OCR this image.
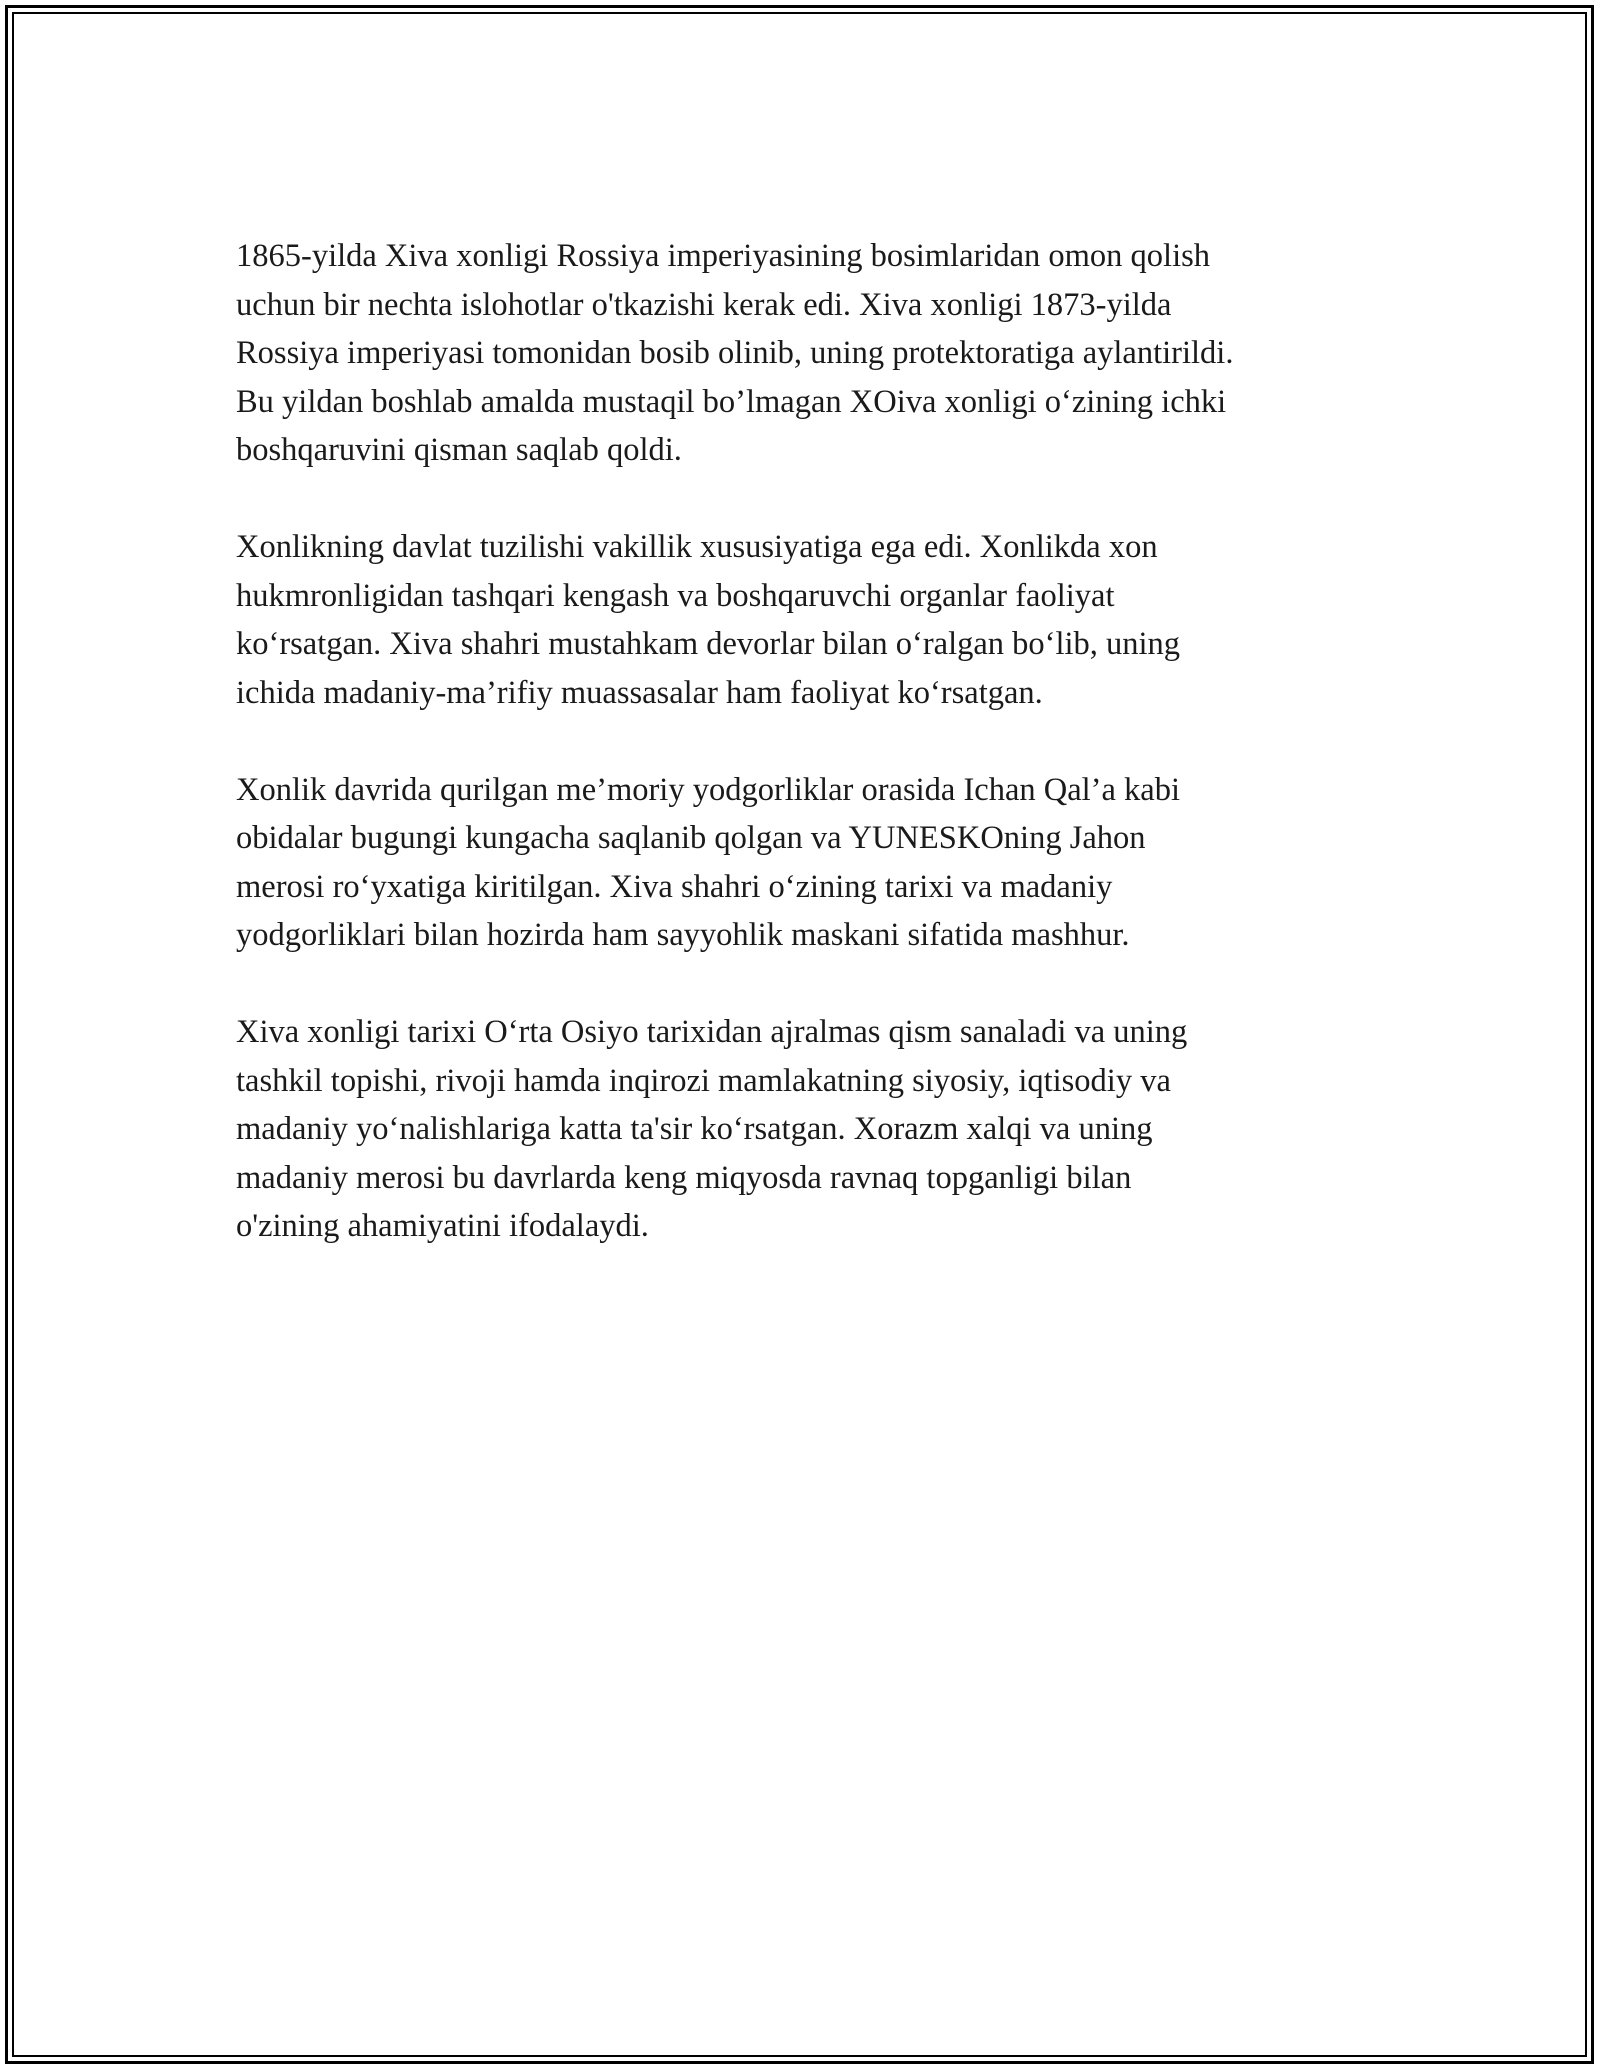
1865-yilda Xiva xonligi Rossiya imperiyasining bosimlaridan omon qolish
uchun bir nechta islohotlar o'tkazishi kerak edi. Xiva xonligi 1873-yilda
Rossiya imperiyasi tomonidan bosib olinib, uning protektoratiga aylantirildi.
Bu yildan boshlab amalda mustaqil bo’lmagan XOiva xonligi o‘zining ichki
boshqaruvini qisman saqlab qoldi.

Xonlikning davlat tuzilishi vakillik xususiyatiga ega edi. Xonlikda xon
hukmronligidan tashqari kengash va boshqaruvchi organlar faoliyat
ko‘rsatgan. Xiva shahri mustahkam devorlar bilan o‘ralgan bo‘lib, uning
ichida madaniy-ma’rifiy muassasalar ham faoliyat ko‘rsatgan.

Xonlik davrida qurilgan me’moriy yodgorliklar orasida Ichan Qal’a kabi
obidalar bugungi kungacha saqlanib qolgan va YUNESKOning Jahon
merosi ro‘yxatiga kiritilgan. Xiva shahri o‘zining tarixi va madaniy
yodgorliklari bilan hozirda ham sayyohlik maskani sifatida mashhur.

Xiva xonligi tarixi O‘rta Osiyo tarixidan ajralmas qism sanaladi va uning
tashkil topishi, rivoji hamda inqirozi mamlakatning siyosiy, iqtisodiy va
madaniy yo‘nalishlariga katta ta'sir ko‘rsatgan. Xorazm xalqi va uning
madaniy merosi bu davrlarda keng miqyosda ravnaq topganligi bilan
o'zining ahamiyatini ifodalaydi.
